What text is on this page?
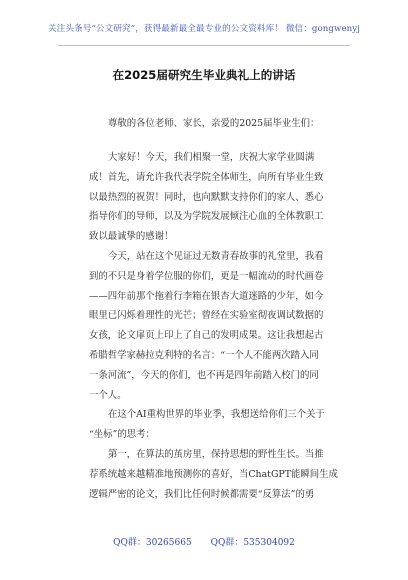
关注头条号“公文研究”，获得最新最全最专业的公文资料库！ 微信：gongwenyj
在2025届研究生毕业典礼上的讲话
尊敬的各位老师、家长，亲爱的2025届毕业生们：
大家好！今天，我们相聚一堂，庆祝大家学业圆满
成！首先，请允许我代表学院全体师生，向所有毕业生致
以最热烈的祝贺！同时，也向默默支持你们的家人、悉心
指导你们的导师，以及为学院发展倾注心血的全体教职工
致以最诚挚的感谢！
今天，站在这个见证过无数青春故事的礼堂里，我看
到的不只是身着学位服的你们，更是一幅流动的时代画卷
——四年前那个拖着行李箱在银杏大道迷路的少年，如今
眼里已闪烁着理性的光芒；曾经在实验室彻夜调试数据的
女孩，论文扉页上印上了自己的发明成果。这让我想起古
希腊哲学家赫拉克利特的名言：“一个人不能两次踏入同
一条河流”，今天的你们，也不再是四年前踏入校门的同
一个人。
在这个AI重构世界的毕业季，我想送给你们三个关于
“坐标”的思考：
第一，在算法的茧房里，保持思想的野性生长。当推
荐系统越来越精准地预测你的喜好，当ChatGPT能瞬间生成
逻辑严密的论文，我们比任何时候都需要“反算法”的勇
QQ群：30265665 QQ群：535304092
